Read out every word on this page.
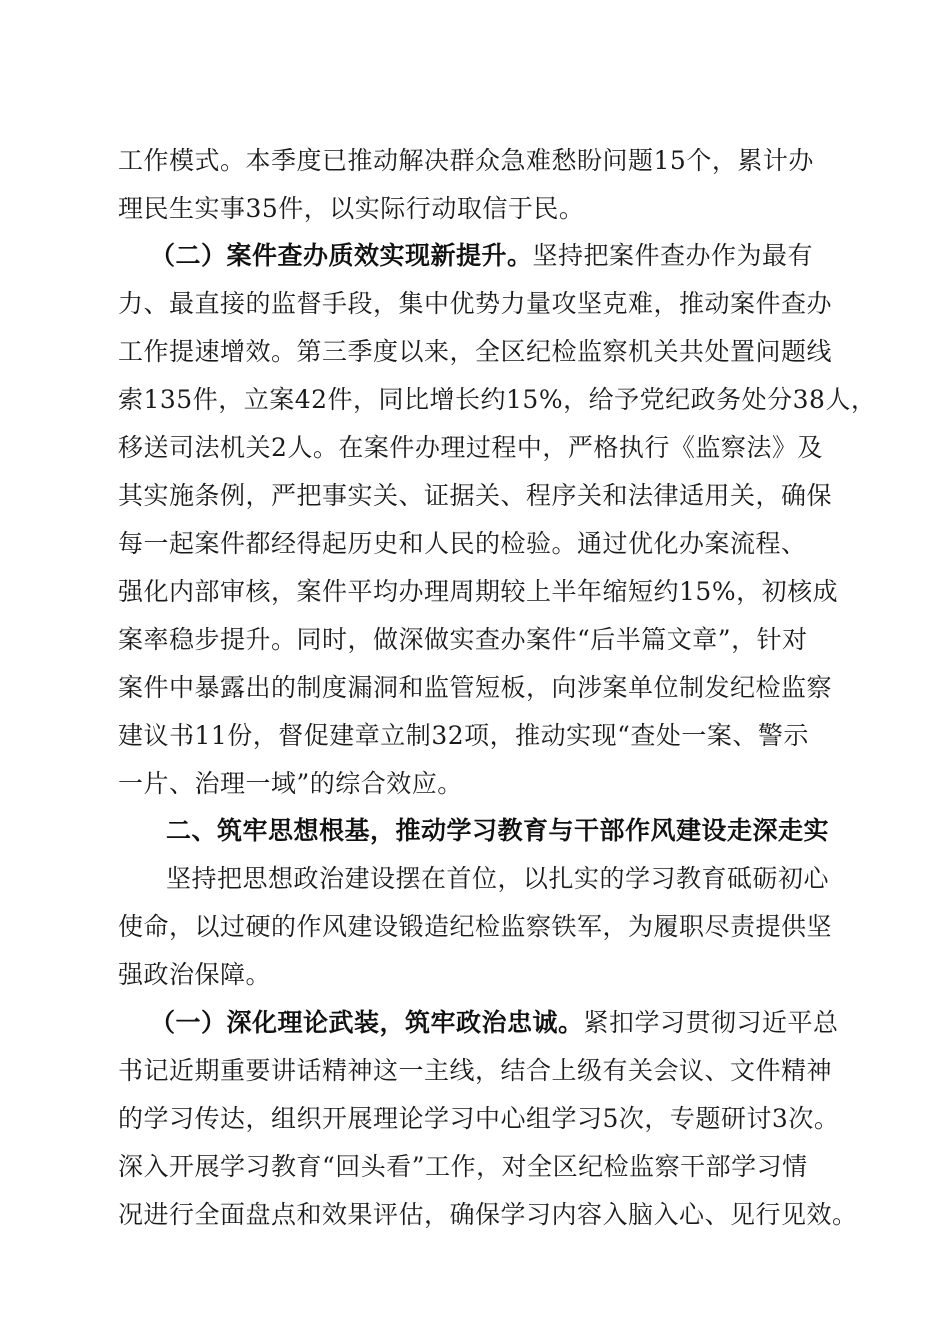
工作模式。本季度已推动解决群众急难愁盼问题15个，累计办
理民生实事35件，以实际行动取信于民。
（二）案件查办质效实现新提升。坚持把案件查办作为最有
力、最直接的监督手段，集中优势力量攻坚克难，推动案件查办
工作提速增效。第三季度以来，全区纪检监察机关共处置问题线
索135件，立案42件，同比增长约15%，给予党纪政务处分38人，
移送司法机关2人。在案件办理过程中，严格执行《监察法》及
其实施条例，严把事实关、证据关、程序关和法律适用关，确保
每一起案件都经得起历史和人民的检验。通过优化办案流程、
强化内部审核，案件平均办理周期较上半年缩短约15%，初核成
案率稳步提升。同时，做深做实查办案件“后半篇文章”，针对
案件中暴露出的制度漏洞和监管短板，向涉案单位制发纪检监察
建议书11份，督促建章立制32项，推动实现“查处一案、警示
一片、治理一域”的综合效应。
二、筑牢思想根基，推动学习教育与干部作风建设走深走实
坚持把思想政治建设摆在首位，以扎实的学习教育砥砺初心
使命，以过硬的作风建设锻造纪检监察铁军，为履职尽责提供坚
强政治保障。
（一）深化理论武装，筑牢政治忠诚。紧扣学习贯彻习近平总
书记近期重要讲话精神这一主线，结合上级有关会议、文件精神
的学习传达，组织开展理论学习中心组学习5次，专题研讨3次。
深入开展学习教育“回头看”工作，对全区纪检监察干部学习情
况进行全面盘点和效果评估，确保学习内容入脑入心、见行见效。
